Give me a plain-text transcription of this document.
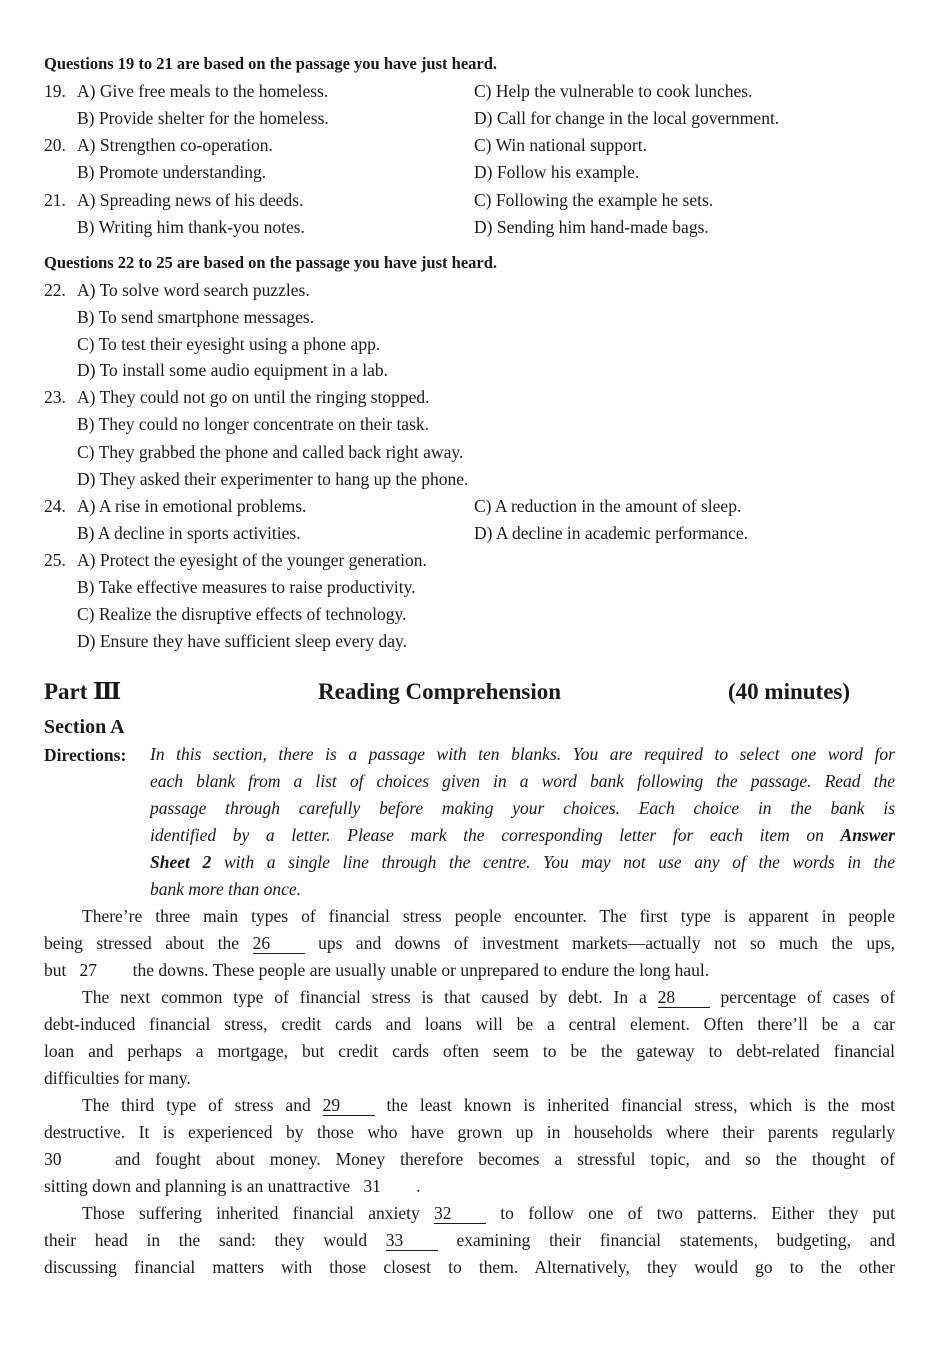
Questions 19 to 21 are based on the passage you have just heard.
19. A) Give free meals to the homeless.	C) Help the vulnerable to cook lunches.
B) Provide shelter for the homeless.	D) Call for change in the local government.
20. A) Strengthen co-operation.	C) Win national support.
B) Promote understanding.	D) Follow his example.
21. A) Spreading news of his deeds.	C) Following the example he sets.
B) Writing him thank-you notes.	D) Sending him hand-made bags.
Questions 22 to 25 are based on the passage you have just heard.
22. A) To solve word search puzzles.
B) To send smartphone messages.
C) To test their eyesight using a phone app.
D) To install some audio equipment in a lab.
23. A) They could not go on until the ringing stopped.
B) They could no longer concentrate on their task.
C) They grabbed the phone and called back right away.
D) They asked their experimenter to hang up the phone.
24. A) A rise in emotional problems.	C) A reduction in the amount of sleep.
B) A decline in sports activities.	D) A decline in academic performance.
25. A) Protect the eyesight of the younger generation.
B) Take effective measures to raise productivity.
C) Realize the disruptive effects of technology.
D) Ensure they have sufficient sleep every day.
Part Ⅲ	Reading Comprehension	(40 minutes)
Section A
Directions: In this section, there is a passage with ten blanks. You are required to select one word for
each blank from a list of choices given in a word bank following the passage. Read the
passage through carefully before making your choices. Each choice in the bank is
identified by a letter. Please mark the corresponding letter for each item on Answer
Sheet 2 with a single line through the centre. You may not use any of the words in the
bank more than once.
There’re three main types of financial stress people encounter. The first type is apparent in people
being stressed about the 26	ups and downs of investment markets—actually not so much the ups,
but 27 the downs. These people are usually unable or unprepared to endure the long haul.
The next common type of financial stress is that caused by debt. In a 28	percentage of cases of
debt-induced financial stress, credit cards and loans will be a central element. Often there’ll be a car
loan and perhaps a mortgage, but credit cards often seem to be the gateway to debt-related financial
difficulties for many.
The third type of stress and 29	the least known is inherited financial stress, which is the most
destructive. It is experienced by those who have grown up in households where their parents regularly
30	and fought about money. Money therefore becomes a stressful topic, and so the thought of
sitting down and planning is an unattractive 31 .
Those suffering inherited financial anxiety 32	to follow one of two patterns. Either they put
their head in the sand: they would 33	examining their financial statements, budgeting, and
discussing financial matters with those closest to them. Alternatively, they would go to the other
